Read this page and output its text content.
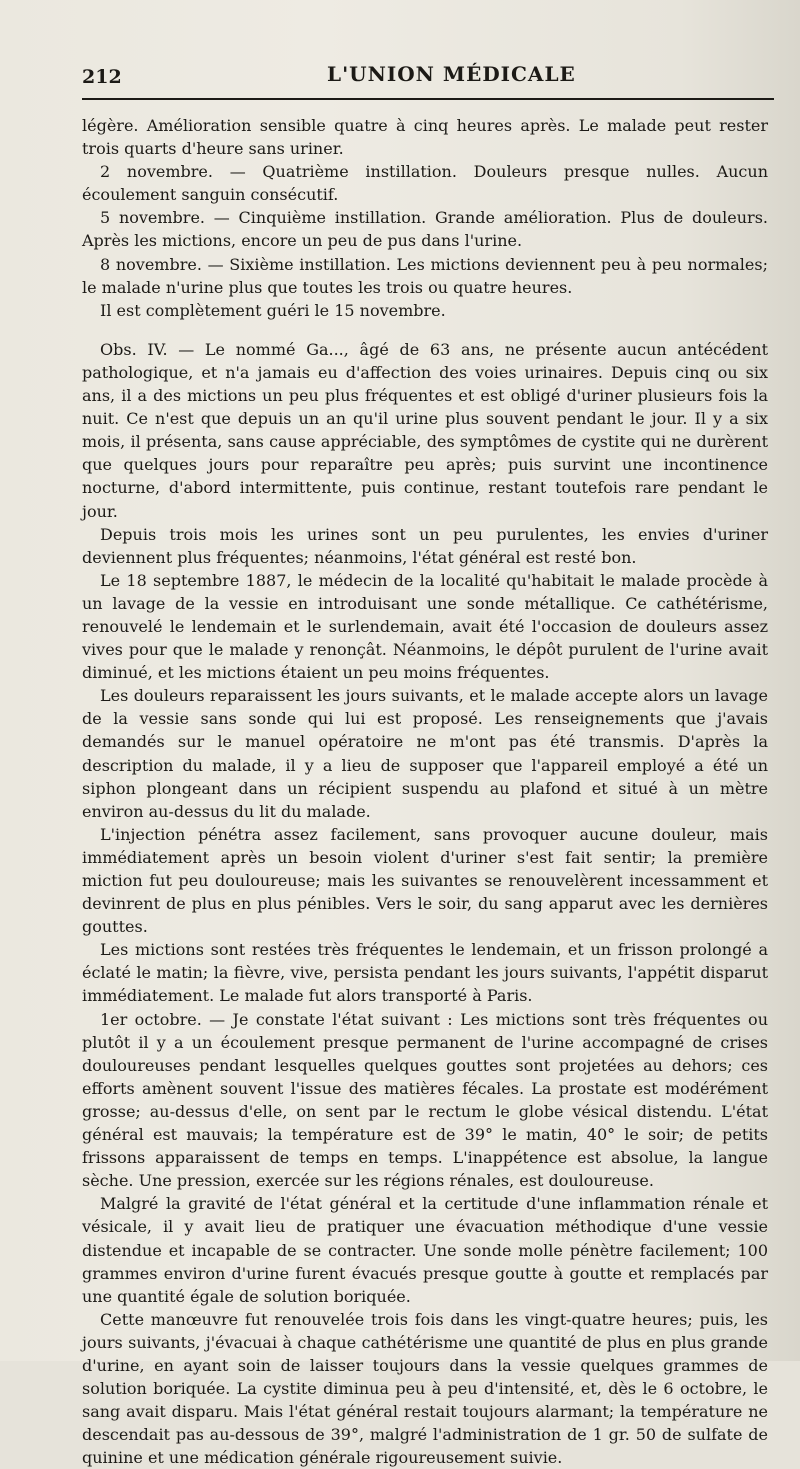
212	L'UNION MÉDICALE

légère. Amélioration sensible quatre à cinq heures après. Le malade peut rester trois quarts d'heure sans uriner.

2 novembre. — Quatrième instillation. Douleurs presque nulles. Aucun écoulement sanguin consécutif.

5 novembre. — Cinquième instillation. Grande amélioration. Plus de douleurs. Après les mictions, encore un peu de pus dans l'urine.

8 novembre. — Sixième instillation. Les mictions deviennent peu à peu normales; le malade n'urine plus que toutes les trois ou quatre heures.

Il est complètement guéri le 15 novembre.

Obs. IV. — Le nommé Ga..., âgé de 63 ans, ne présente aucun antécédent pathologique, et n'a jamais eu d'affection des voies urinaires. Depuis cinq ou six ans, il a des mictions un peu plus fréquentes et est obligé d'uriner plusieurs fois la nuit. Ce n'est que depuis un an qu'il urine plus souvent pendant le jour. Il y a six mois, il présenta, sans cause appréciable, des symptômes de cystite qui ne durèrent que quelques jours pour reparaître peu après; puis survint une incontinence nocturne, d'abord intermittente, puis continue, restant toutefois rare pendant le jour.

Depuis trois mois les urines sont un peu purulentes, les envies d'uriner deviennent plus fréquentes; néanmoins, l'état général est resté bon.

Le 18 septembre 1887, le médecin de la localité qu'habitait le malade procède à un lavage de la vessie en introduisant une sonde métallique. Ce cathétérisme, renouvelé le lendemain et le surlendemain, avait été l'occasion de douleurs assez vives pour que le malade y renonçât. Néanmoins, le dépôt purulent de l'urine avait diminué, et les mictions étaient un peu moins fréquentes.

Les douleurs reparaissent les jours suivants, et le malade accepte alors un lavage de la vessie sans sonde qui lui est proposé. Les renseignements que j'avais demandés sur le manuel opératoire ne m'ont pas été transmis. D'après la description du malade, il y a lieu de supposer que l'appareil employé a été un siphon plongeant dans un récipient suspendu au plafond et situé à un mètre environ au-dessus du lit du malade.

L'injection pénétra assez facilement, sans provoquer aucune douleur, mais immédiatement après un besoin violent d'uriner s'est fait sentir; la première miction fut peu douloureuse; mais les suivantes se renouvelèrent incessamment et devinrent de plus en plus pénibles. Vers le soir, du sang apparut avec les dernières gouttes.

Les mictions sont restées très fréquentes le lendemain, et un frisson prolongé a éclaté le matin; la fièvre, vive, persista pendant les jours suivants, l'appétit disparut immédiatement. Le malade fut alors transporté à Paris.

1er octobre. — Je constate l'état suivant : Les mictions sont très fréquentes ou plutôt il y a un écoulement presque permanent de l'urine accompagné de crises douloureuses pendant lesquelles quelques gouttes sont projetées au dehors; ces efforts amènent souvent l'issue des matières fécales. La prostate est modérément grosse; au-dessus d'elle, on sent par le rectum le globe vésical distendu. L'état général est mauvais; la température est de 39° le matin, 40° le soir; de petits frissons apparaissent de temps en temps. L'inappétence est absolue, la langue sèche. Une pression, exercée sur les régions rénales, est douloureuse.

Malgré la gravité de l'état général et la certitude d'une inflammation rénale et vésicale, il y avait lieu de pratiquer une évacuation méthodique d'une vessie distendue et incapable de se contracter. Une sonde molle pénètre facilement; 100 grammes environ d'urine furent évacués presque goutte à goutte et remplacés par une quantité égale de solution boriquée.

Cette manœuvre fut renouvelée trois fois dans les vingt-quatre heures; puis, les jours suivants, j'évacuai à chaque cathétérisme une quantité de plus en plus grande d'urine, en ayant soin de laisser toujours dans la vessie quelques grammes de solution boriquée. La cystite diminua peu à peu d'intensité, et, dès le 6 octobre, le sang avait disparu. Mais l'état général restait toujours alarmant; la température ne descendait pas au-dessous de 39°, malgré l'administration de 1 gr. 50 de sulfate de quinine et une médication générale rigoureusement suivie.
